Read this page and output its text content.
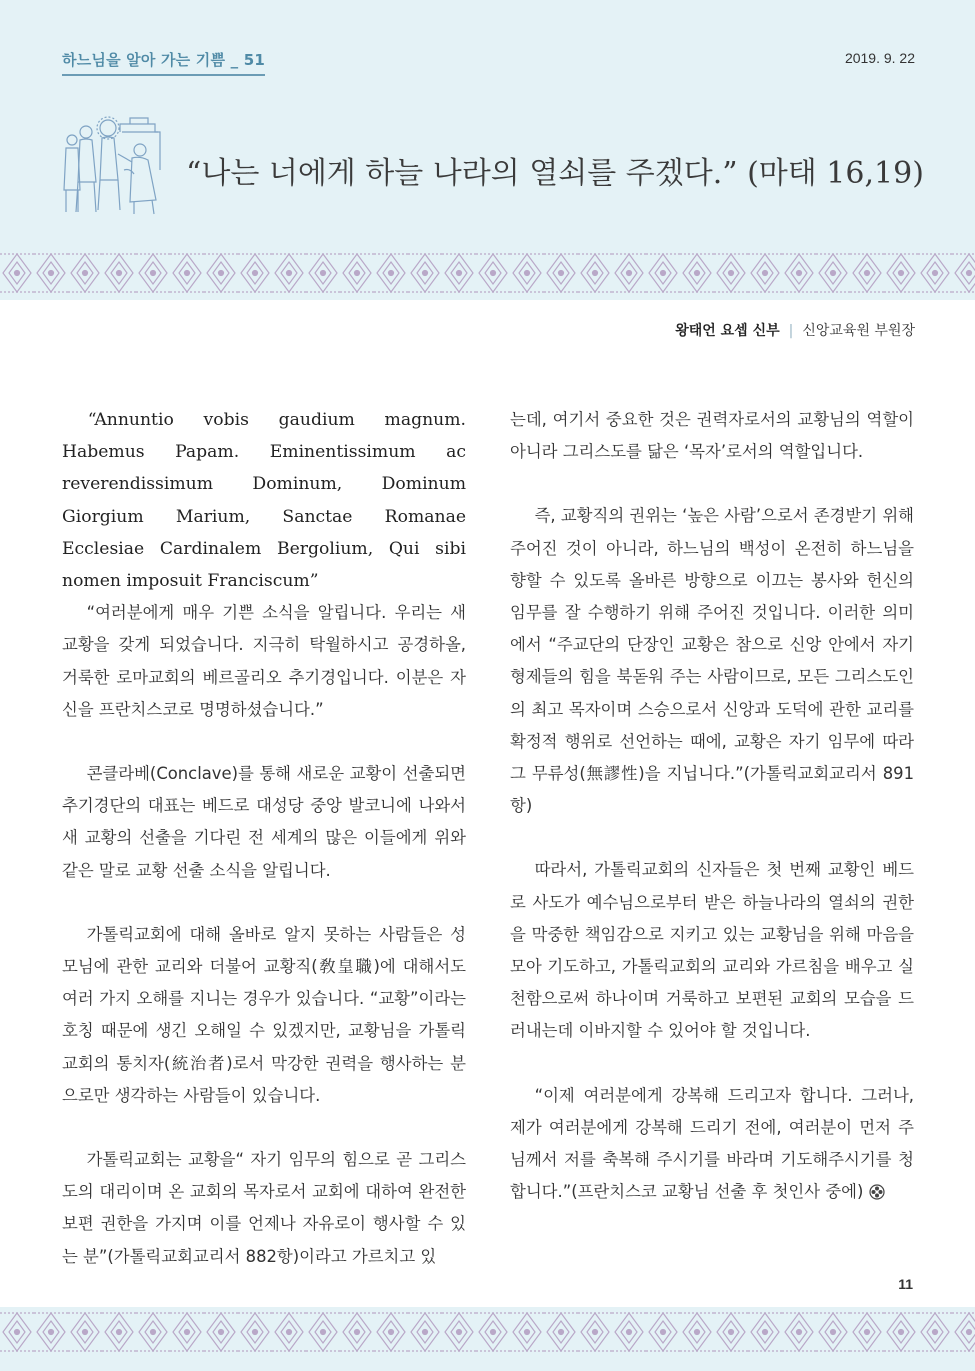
하느님을 알아 가는 기쁨 _ 51	2019. 9. 22
“나는 너에게 하늘 나라의 열쇠를 주겠다.” (마태 16,19)
왕태언 요셉 신부 | 신앙교육원 부원장

“Annuntio vobis gaudium magnum. Habemus Papam. Eminentissimum ac reverendissimum Dominum, Dominum Giorgium Marium, Sanctae Romanae Ecclesiae Cardinalem Bergolium, Qui sibi nomen imposuit Franciscum”

“여러분에게 매우 기쁜 소식을 알립니다. 우리는 새 교황을 갖게 되었습니다. 지극히 탁월하시고 공경하올, 거룩한 로마교회의 베르골리오 추기경입니다. 이분은 자신을 프란치스코로 명명하셨습니다.”

콘클라베(Conclave)를 통해 새로운 교황이 선출되면 추기경단의 대표는 베드로 대성당 중앙 발코니에 나와서 새 교황의 선출을 기다린 전 세계의 많은 이들에게 위와 같은 말로 교황 선출 소식을 알립니다.

가톨릭교회에 대해 올바로 알지 못하는 사람들은 성모님에 관한 교리와 더불어 교황직(敎皇職)에 대해서도 여러 가지 오해를 지니는 경우가 있습니다. “교황”이라는 호칭 때문에 생긴 오해일 수 있겠지만, 교황님을 가톨릭교회의 통치자(統治者)로서 막강한 권력을 행사하는 분으로만 생각하는 사람들이 있습니다.

가톨릭교회는 교황을“ 자기 임무의 힘으로 곧 그리스도의 대리이며 온 교회의 목자로서 교회에 대하여 완전한 보편 권한을 가지며 이를 언제나 자유로이 행사할 수 있는 분”(가톨릭교회교리서 882항)이라고 가르치고 있

는데, 여기서 중요한 것은 권력자로서의 교황님의 역할이 아니라 그리스도를 닮은 ‘목자’로서의 역할입니다.

즉, 교황직의 권위는 ‘높은 사람’으로서 존경받기 위해 주어진 것이 아니라, 하느님의 백성이 온전히 하느님을 향할 수 있도록 올바른 방향으로 이끄는 봉사와 헌신의 임무를 잘 수행하기 위해 주어진 것입니다. 이러한 의미에서 “주교단의 단장인 교황은 참으로 신앙 안에서 자기 형제들의 힘을 북돋워 주는 사람이므로, 모든 그리스도인의 최고 목자이며 스승으로서 신앙과 도덕에 관한 교리를 확정적 행위로 선언하는 때에, 교황은 자기 임무에 따라 그 무류성(無謬性)을 지닙니다.”(가톨릭교회교리서 891항)

따라서, 가톨릭교회의 신자들은 첫 번째 교황인 베드로 사도가 예수님으로부터 받은 하늘나라의 열쇠의 권한을 막중한 책임감으로 지키고 있는 교황님을 위해 마음을 모아 기도하고, 가톨릭교회의 교리와 가르침을 배우고 실천함으로써 하나이며 거룩하고 보편된 교회의 모습을 드러내는데 이바지할 수 있어야 할 것입니다.

“이제 여러분에게 강복해 드리고자 합니다. 그러나, 제가 여러분에게 강복해 드리기 전에, 여러분이 먼저 주님께서 저를 축복해 주시기를 바라며 기도해주시기를 청합니다.”(프란치스코 교황님 선출 후 첫인사 중에)

11
